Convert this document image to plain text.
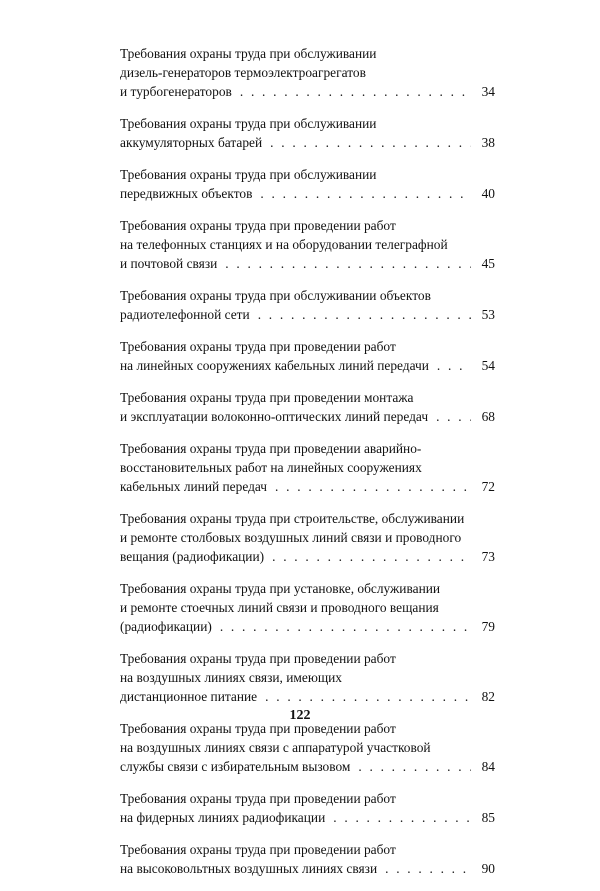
Требования охраны труда при обслуживании
дизель-генераторов термоэлектроагрегатов
и турбогенераторов . . .	34
Требования охраны труда при обслуживании
аккумуляторных батарей . . .	38
Требования охраны труда при обслуживании
передвижных объектов . . .	40
Требования охраны труда при проведении работ
на телефонных станциях и на оборудовании телеграфной
и почтовой связи . . .	45
Требования охраны труда при обслуживании объектов
радиотелефонной сети . . .	53
Требования охраны труда при проведении работ
на линейных сооружениях кабельных линий передачи . . .	54
Требования охраны труда при проведении монтажа
и эксплуатации волоконно-оптических линий передач . . .	68
Требования охраны труда при проведении аварийно-
восстановительных работ на линейных сооружениях
кабельных линий передач . . .	72
Требования охраны труда при строительстве, обслуживании
и ремонте столбовых воздушных линий связи и проводного
вещания (радиофикации) . . .	73
Требования охраны труда при установке, обслуживании
и ремонте стоечных линий связи и проводного вещания
(радиофикации) . . .	79
Требования охраны труда при проведении работ
на воздушных линиях связи, имеющих
дистанционное питание . . .	82
Требования охраны труда при проведении работ
на воздушных линиях связи с аппаратурой участковой
службы связи с избирательным вызовом . . .	84
Требования охраны труда при проведении работ
на фидерных линиях радиофикации . . .	85
Требования охраны труда при проведении работ
на высоковольтных воздушных линиях связи . . .	90
122
